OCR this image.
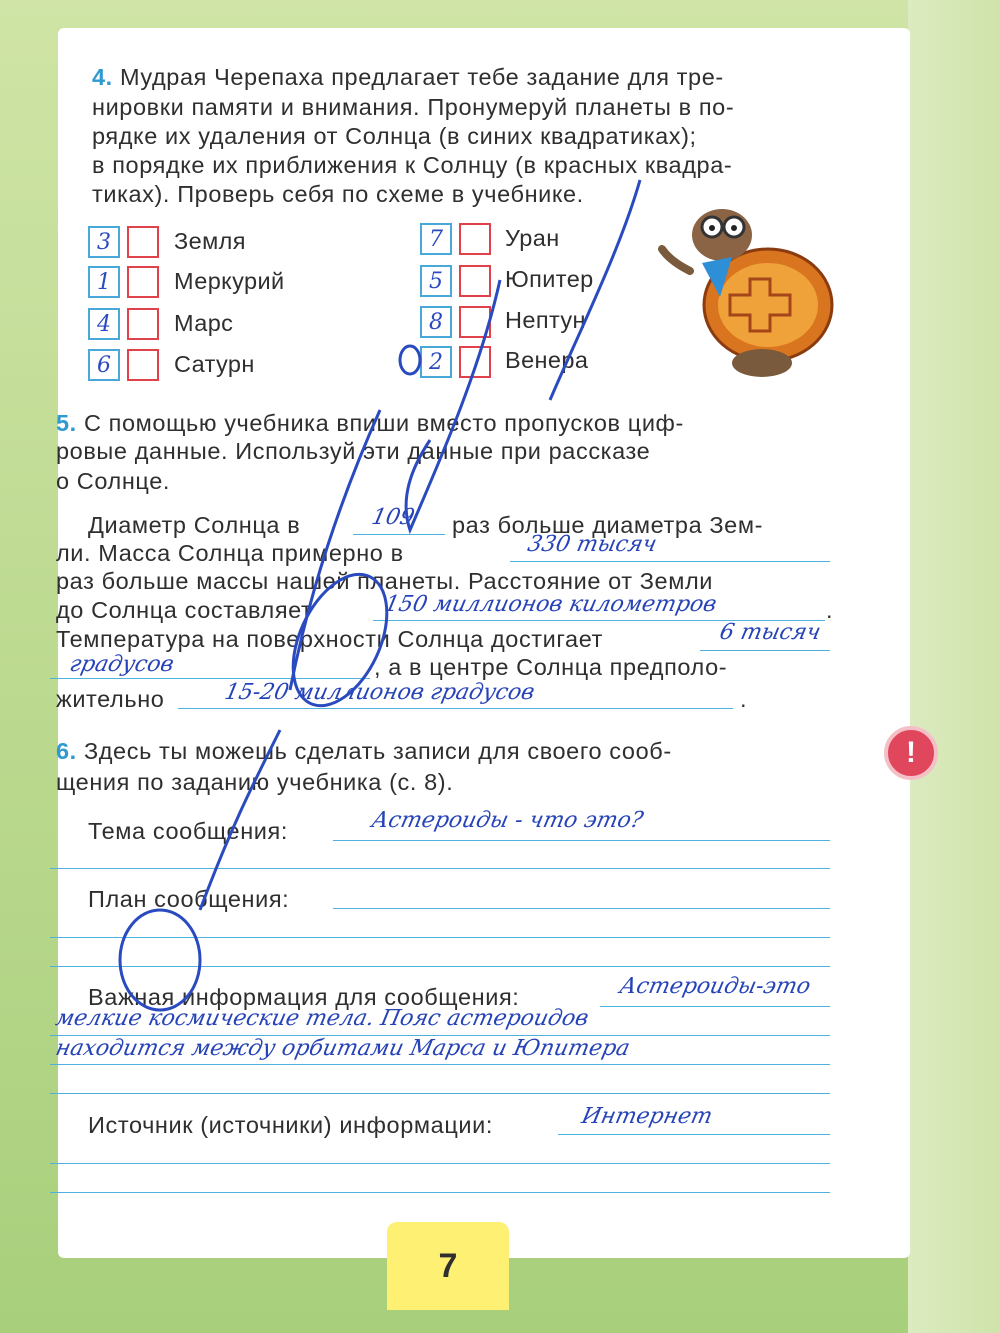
4. Мудрая Черепаха предлагает тебе задание для тре-
нировки памяти и внимания. Пронумеруй планеты в по-
рядке их удаления от Солнца (в синих квадратиках);
в порядке их приближения к Солнцу (в красных квадра-
тиках). Проверь себя по схеме в учебнике.
3	Земля
1	Меркурий
4	Марс
6	Сатурн
7	Уран
5	Юпитер
8	Нептун
2	Венера
5. С помощью учебника впиши вместо пропусков циф-
ровые данные. Используй эти данные при рассказе
о Солнце.
Диаметр Солнца в	109 раз больше диаметра Зем-
ли. Масса Солнца примерно в	330 тысяч
раз больше массы нашей планеты. Расстояние от Земли
до Солнца составляет	150 миллионов километров	.
Температура на поверхности Солнца достигает	6 тысяч
градусов	, а в центре Солнца предполо-
жительно	15-20 миллионов градусов	.
6. Здесь ты можешь сделать записи для своего сооб-
щения по заданию учебника (с. 8).
Тема сообщения:	Астероиды - что это?
План сообщения:
Важная информация для сообщения:	Астероиды-это
мелкие космические тела. Пояс астероидов
находится между орбитами Марса и Юпитера
Источник (источники) информации:	Интернет
!
7
